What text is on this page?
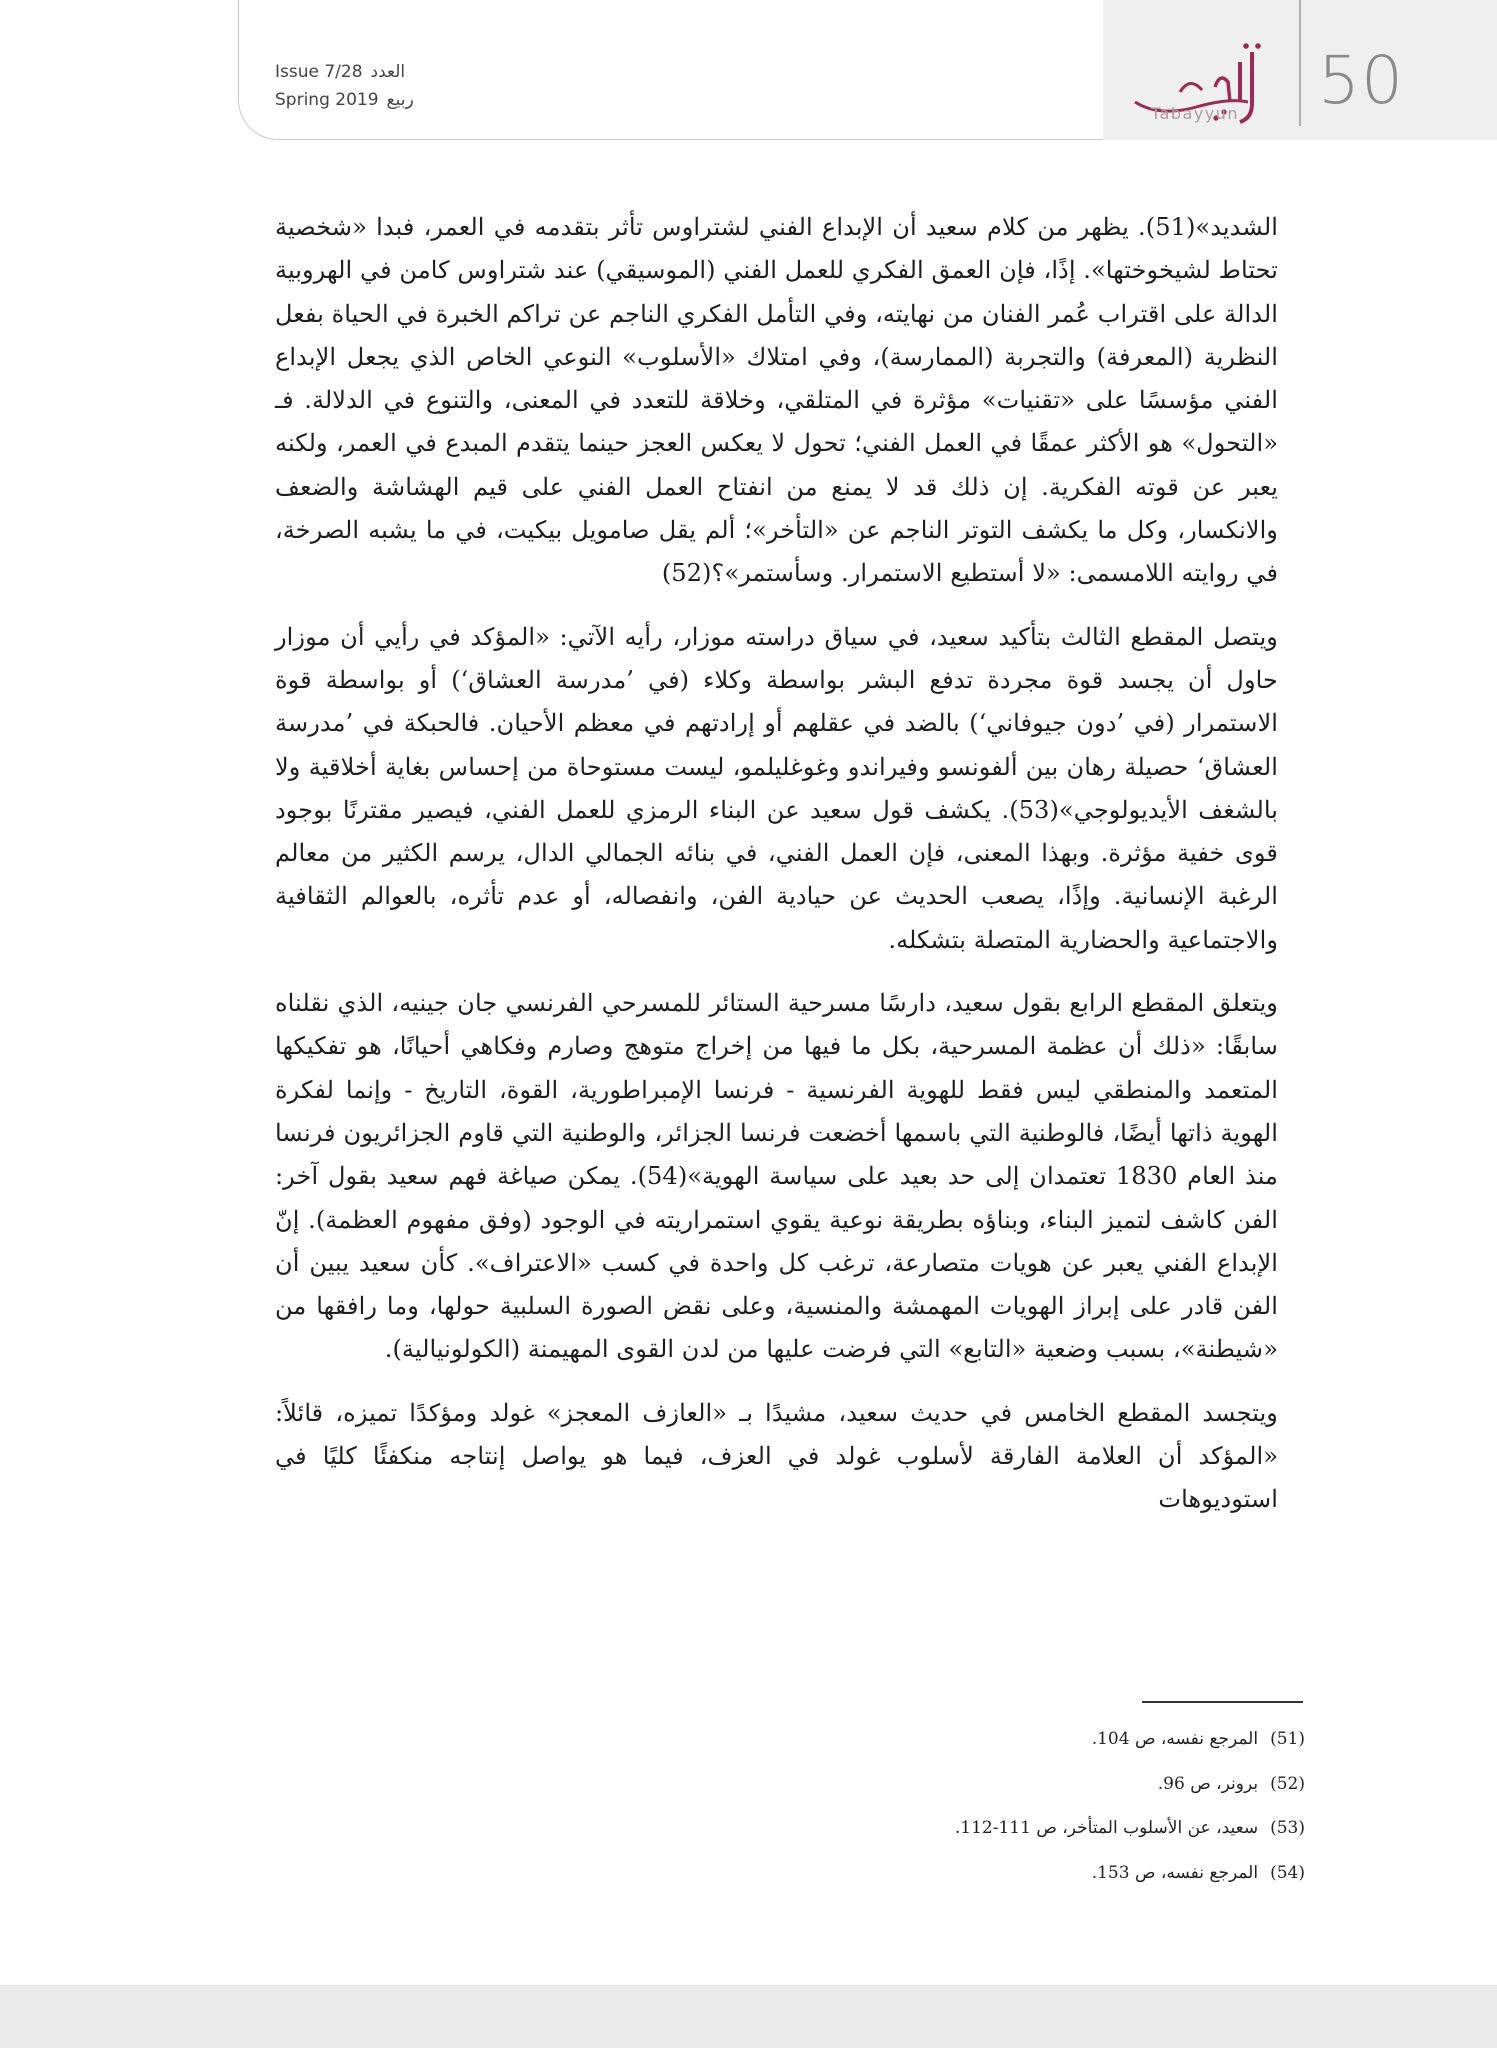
50
Tabayyun
Issue 7/28 العدد
Spring 2019 ربيع

الشديد»(51). يظهر من كلام سعيد أن الإبداع الفني لشتراوس تأثر بتقدمه في العمر، فبدا «شخصية تحتاط لشيخوختها». إذًا، فإن العمق الفكري للعمل الفني (الموسيقي) عند شتراوس كامن في الهروبية الدالة على اقتراب عُمر الفنان من نهايته، وفي التأمل الفكري الناجم عن تراكم الخبرة في الحياة بفعل النظرية (المعرفة) والتجربة (الممارسة)، وفي امتلاك «الأسلوب» النوعي الخاص الذي يجعل الإبداع الفني مؤسسًا على «تقنيات» مؤثرة في المتلقي، وخلاقة للتعدد في المعنى، والتنوع في الدلالة. فـ «التحول» هو الأكثر عمقًا في العمل الفني؛ تحول لا يعكس العجز حينما يتقدم المبدع في العمر، ولكنه يعبر عن قوته الفكرية. إن ذلك قد لا يمنع من انفتاح العمل الفني على قيم الهشاشة والضعف والانكسار، وكل ما يكشف التوتر الناجم عن «التأخر»؛ ألم يقل صامويل بيكيت، في ما يشبه الصرخة، في روايته اللامسمى: «لا أستطيع الاستمرار. وسأستمر»؟(52)

ويتصل المقطع الثالث بتأكيد سعيد، في سياق دراسته موزار، رأيه الآتي: «المؤكد في رأيي أن موزار حاول أن يجسد قوة مجردة تدفع البشر بواسطة وكلاء (في ’مدرسة العشاق‘) أو بواسطة قوة الاستمرار (في ’دون جيوفاني‘) بالضد في عقلهم أو إرادتهم في معظم الأحيان. فالحبكة في ’مدرسة العشاق‘ حصيلة رهان بين ألفونسو وفيراندو وغوغليلمو، ليست مستوحاة من إحساس بغاية أخلاقية ولا بالشغف الأيديولوجي»(53). يكشف قول سعيد عن البناء الرمزي للعمل الفني، فيصير مقترنًا بوجود قوى خفية مؤثرة. وبهذا المعنى، فإن العمل الفني، في بنائه الجمالي الدال، يرسم الكثير من معالم الرغبة الإنسانية. وإذًا، يصعب الحديث عن حيادية الفن، وانفصاله، أو عدم تأثره، بالعوالم الثقافية والاجتماعية والحضارية المتصلة بتشكله.

ويتعلق المقطع الرابع بقول سعيد، دارسًا مسرحية الستائر للمسرحي الفرنسي جان جينيه، الذي نقلناه سابقًا: «ذلك أن عظمة المسرحية، بكل ما فيها من إخراج متوهج وصارم وفكاهي أحيانًا، هو تفكيكها المتعمد والمنطقي ليس فقط للهوية الفرنسية - فرنسا الإمبراطورية، القوة، التاريخ - وإنما لفكرة الهوية ذاتها أيضًا، فالوطنية التي باسمها أخضعت فرنسا الجزائر، والوطنية التي قاوم الجزائريون فرنسا منذ العام 1830 تعتمدان إلى حد بعيد على سياسة الهوية»(54). يمكن صياغة فهم سعيد بقول آخر: الفن كاشف لتميز البناء، وبناؤه بطريقة نوعية يقوي استمراريته في الوجود (وفق مفهوم العظمة). إنّ الإبداع الفني يعبر عن هويات متصارعة، ترغب كل واحدة في كسب «الاعتراف». كأن سعيد يبين أن الفن قادر على إبراز الهويات المهمشة والمنسية، وعلى نقض الصورة السلبية حولها، وما رافقها من «شيطنة»، بسبب وضعية «التابع» التي فرضت عليها من لدن القوى المهيمنة (الكولونيالية).

ويتجسد المقطع الخامس في حديث سعيد، مشيدًا بـ «العازف المعجز» غولد ومؤكدًا تميزه، قائلاً: «المؤكد أن العلامة الفارقة لأسلوب غولد في العزف، فيما هو يواصل إنتاجه منكفئًا كليًا في استوديوهات

(51)المرجع نفسه، ص 104.
(52)برونر، ص 96.
(53)سعيد، عن الأسلوب المتأخر، ص 111-112.
(54)المرجع نفسه، ص 153.
